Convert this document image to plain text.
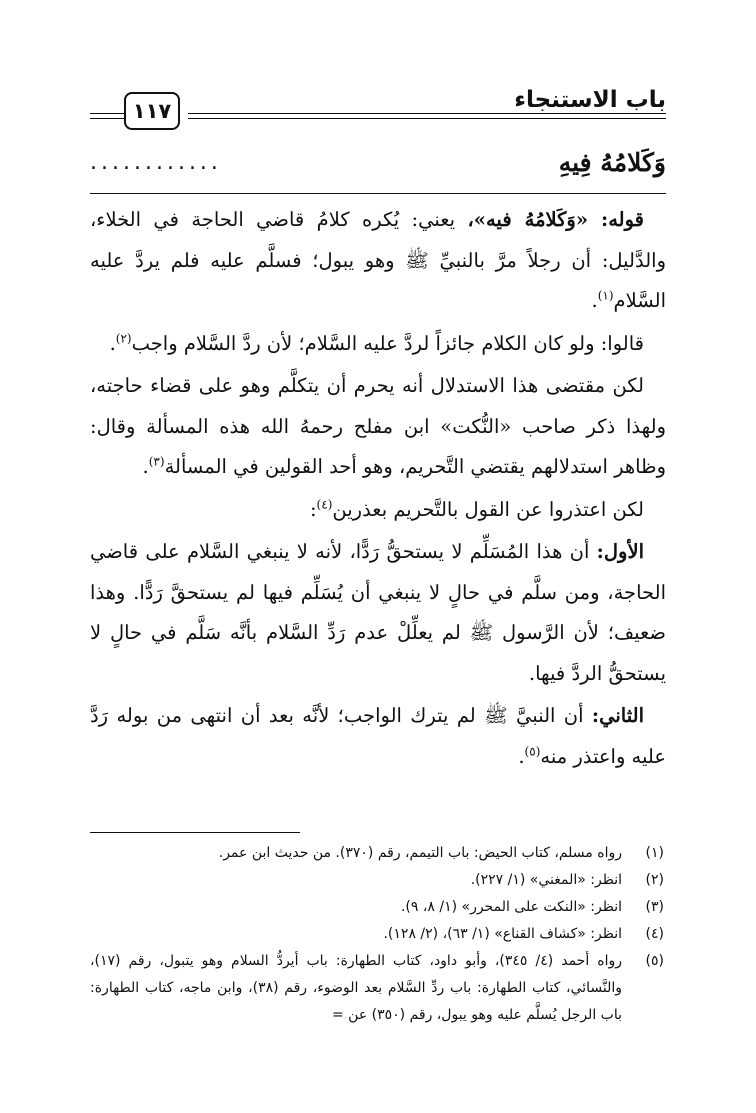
باب الاستنجاء
١١٧
وَكَلامُهُ فِيهِ
............

قوله: «وَكَلامُهُ فيه»، يعني: يُكره كلامُ قاضي الحاجة في الخلاء، والدَّليل: أن رجلاً مرَّ بالنبيِّ ﷺ وهو يبول؛ فسلَّم عليه فلم يردَّ عليه السَّلام$^{(١)}$.

قالوا: ولو كان الكلام جائزاً لردَّ عليه السَّلام؛ لأن ردَّ السَّلام واجب$^{(٢)}$.

لكن مقتضى هذا الاستدلال أنه يحرم أن يتكلَّم وهو على قضاء حاجته، ولهذا ذكر صاحب «النُّكت» ابن مفلح رحمهُ الله هذه المسألة وقال: وظاهر استدلالهم يقتضي التَّحريم، وهو أحد القولين في المسألة$^{(٣)}$.

لكن اعتذروا عن القول بالتَّحريم بعذرين$^{(٤)}$:

الأول: أن هذا المُسَلِّم لا يستحقُّ رَدًّا، لأنه لا ينبغي السَّلام على قاضي الحاجة، ومن سلَّم في حالٍ لا ينبغي أن يُسَلِّم فيها لم يستحقَّ رَدًّا. وهذا ضعيف؛ لأن الرَّسول ﷺ لم يعلِّلْ عدم رَدِّ السَّلام بأنَّه سَلَّم في حالٍ لا يستحقُّ الردَّ فيها.

الثاني: أن النبيَّ ﷺ لم يترك الواجب؛ لأنَّه بعد أن انتهى من بوله رَدَّ عليه واعتذر منه$^{(٥)}$.

(١)
رواه مسلم، كتاب الحيض: باب التيمم، رقم (٣٧٠). من حديث ابن عمر.
(٢)
انظر: «المغني» (١/ ٢٢٧).
(٣)
انظر: «النكت على المحرر» (١/ ٨، ٩).
(٤)
انظر: «كشاف القناع» (١/ ٦٣)، (٢/ ١٢٨).
(٥)
رواه أحمد (٤/ ٣٤٥)، وأبو داود، كتاب الطهارة: باب أيردُّ السلام وهو يتبول، رقم (١٧)، والنَّسائي، كتاب الطهارة: باب ردِّ السَّلام بعد الوضوء، رقم (٣٨)، وابن ماجه، كتاب الطهارة: باب الرجل يُسلَّم عليه وهو يبول، رقم (٣٥٠) عن =
